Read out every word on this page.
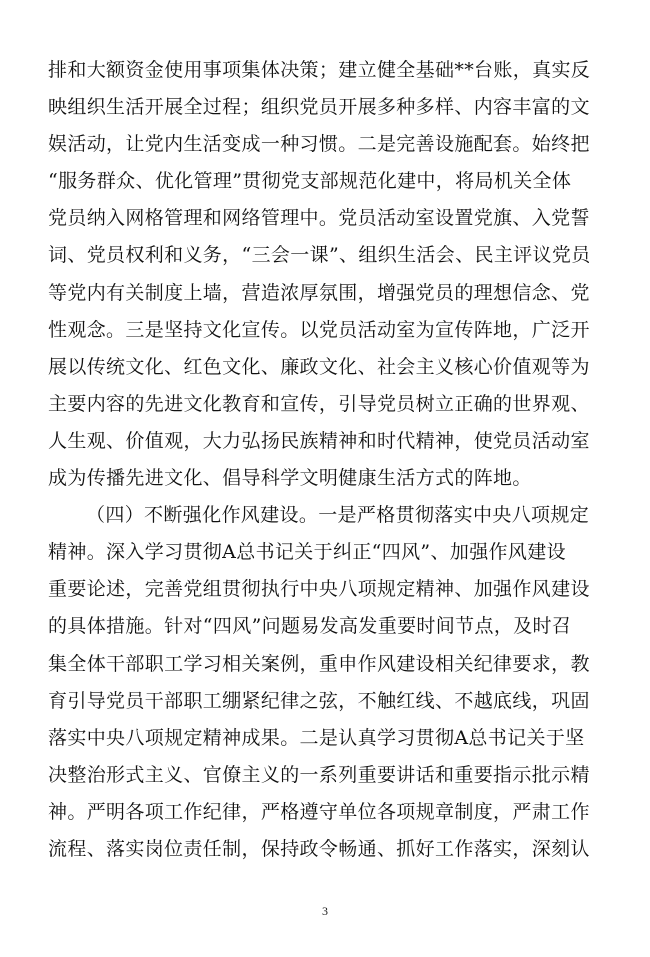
排和大额资金使用事项集体决策；建立健全基础**台账，真实反
映组织生活开展全过程；组织党员开展多种多样、内容丰富的文
娱活动，让党内生活变成一种习惯。二是完善设施配套。始终把
“服务群众、优化管理”贯彻党支部规范化建中，将局机关全体
党员纳入网格管理和网络管理中。党员活动室设置党旗、入党誓
词、党员权利和义务，“三会一课”、组织生活会、民主评议党员
等党内有关制度上墙，营造浓厚氛围，增强党员的理想信念、党
性观念。三是坚持文化宣传。以党员活动室为宣传阵地，广泛开
展以传统文化、红色文化、廉政文化、社会主义核心价值观等为
主要内容的先进文化教育和宣传，引导党员树立正确的世界观、
人生观、价值观，大力弘扬民族精神和时代精神，使党员活动室
成为传播先进文化、倡导科学文明健康生活方式的阵地。
（四）不断强化作风建设。一是严格贯彻落实中央八项规定
精神。深入学习贯彻A总书记关于纠正“四风”、加强作风建设
重要论述，完善党组贯彻执行中央八项规定精神、加强作风建设
的具体措施。针对“四风”问题易发高发重要时间节点，及时召
集全体干部职工学习相关案例，重申作风建设相关纪律要求，教
育引导党员干部职工绷紧纪律之弦，不触红线、不越底线，巩固
落实中央八项规定精神成果。二是认真学习贯彻A总书记关于坚
决整治形式主义、官僚主义的一系列重要讲话和重要指示批示精
神。严明各项工作纪律，严格遵守单位各项规章制度，严肃工作
流程、落实岗位责任制，保持政令畅通、抓好工作落实，深刻认
3
